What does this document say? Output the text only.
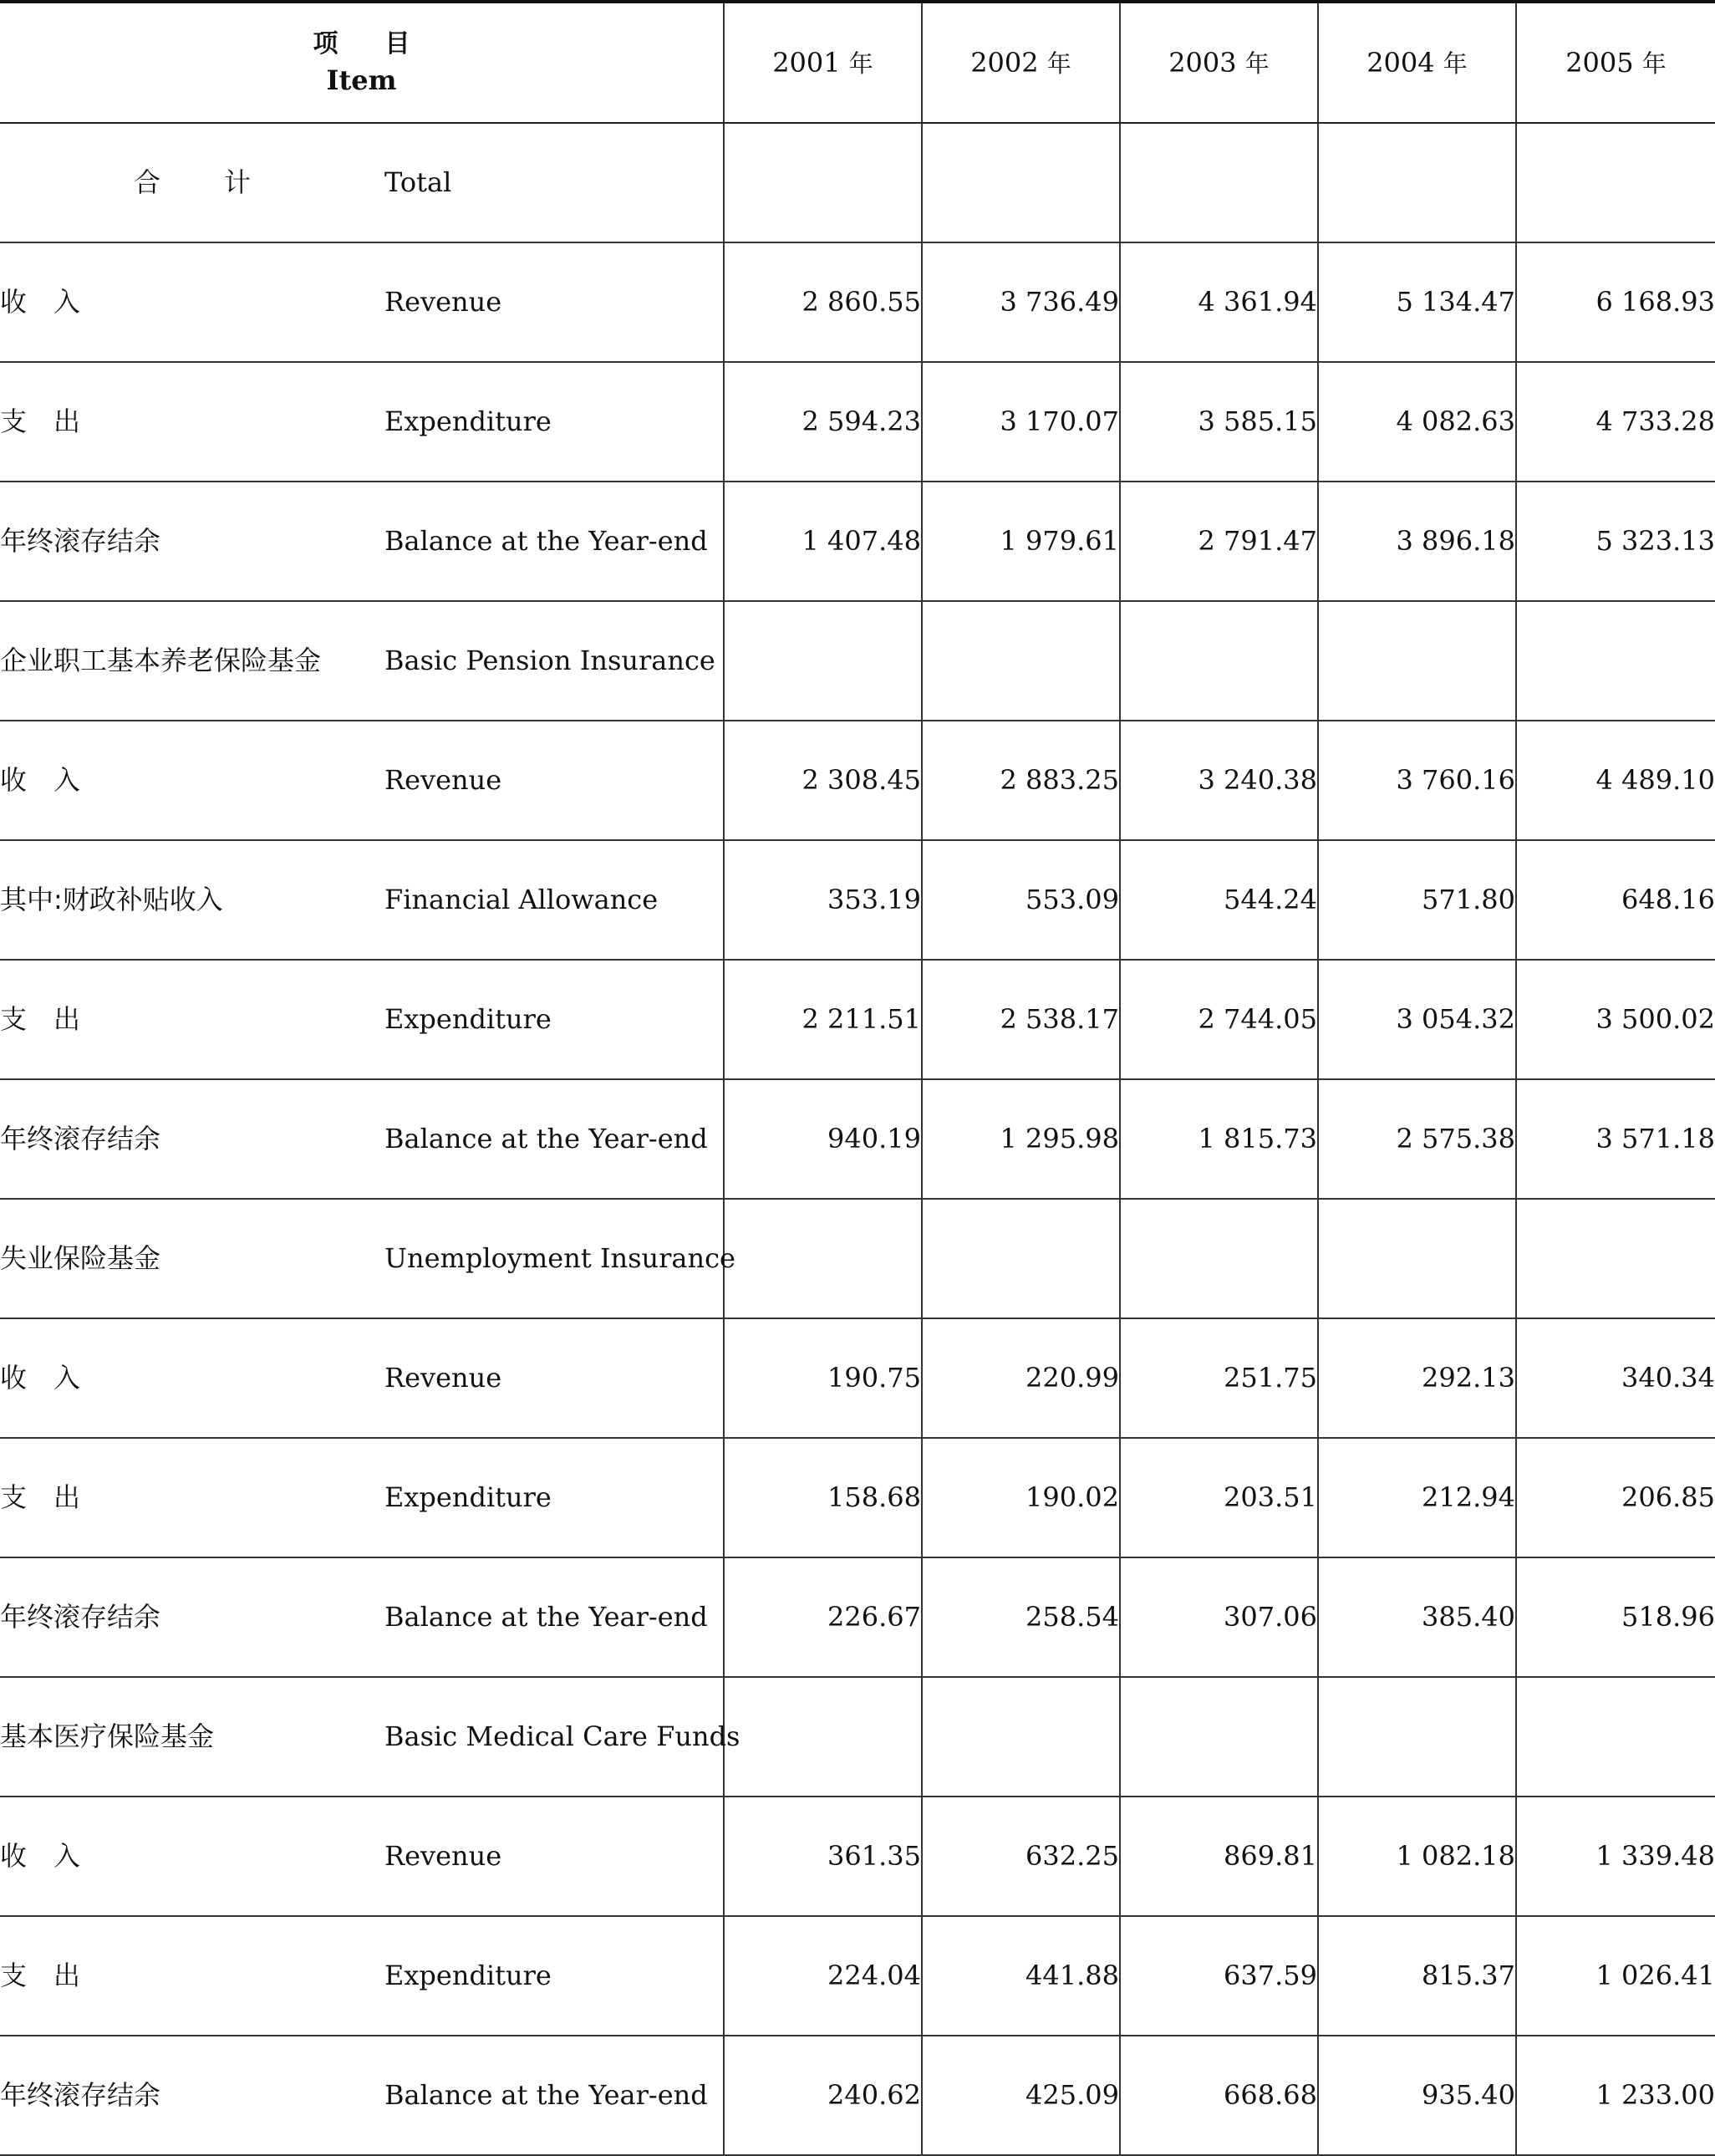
项目
Item		2001 年	2002 年	2003 年	2004 年	2005 年
合计	Total					
收　入	Revenue	2 860.55	3 736.49	4 361.94	5 134.47	6 168.93
支　出	Expenditure	2 594.23	3 170.07	3 585.15	4 082.63	4 733.28
年终滚存结余	Balance at the Year-end	1 407.48	1 979.61	2 791.47	3 896.18	5 323.13
企业职工基本养老保险基金	Basic Pension Insurance					
收　入	Revenue	2 308.45	2 883.25	3 240.38	3 760.16	4 489.10
其中:财政补贴收入	Financial Allowance	353.19	553.09	544.24	571.80	648.16
支　出	Expenditure	2 211.51	2 538.17	2 744.05	3 054.32	3 500.02
年终滚存结余	Balance at the Year-end	940.19	1 295.98	1 815.73	2 575.38	3 571.18
失业保险基金	Unemployment Insurance					
收　入	Revenue	190.75	220.99	251.75	292.13	340.34
支　出	Expenditure	158.68	190.02	203.51	212.94	206.85
年终滚存结余	Balance at the Year-end	226.67	258.54	307.06	385.40	518.96
基本医疗保险基金	Basic Medical Care Funds					
收　入	Revenue	361.35	632.25	869.81	1 082.18	1 339.48
支　出	Expenditure	224.04	441.88	637.59	815.37	1 026.41
年终滚存结余	Balance at the Year-end	240.62	425.09	668.68	935.40	1 233.00
